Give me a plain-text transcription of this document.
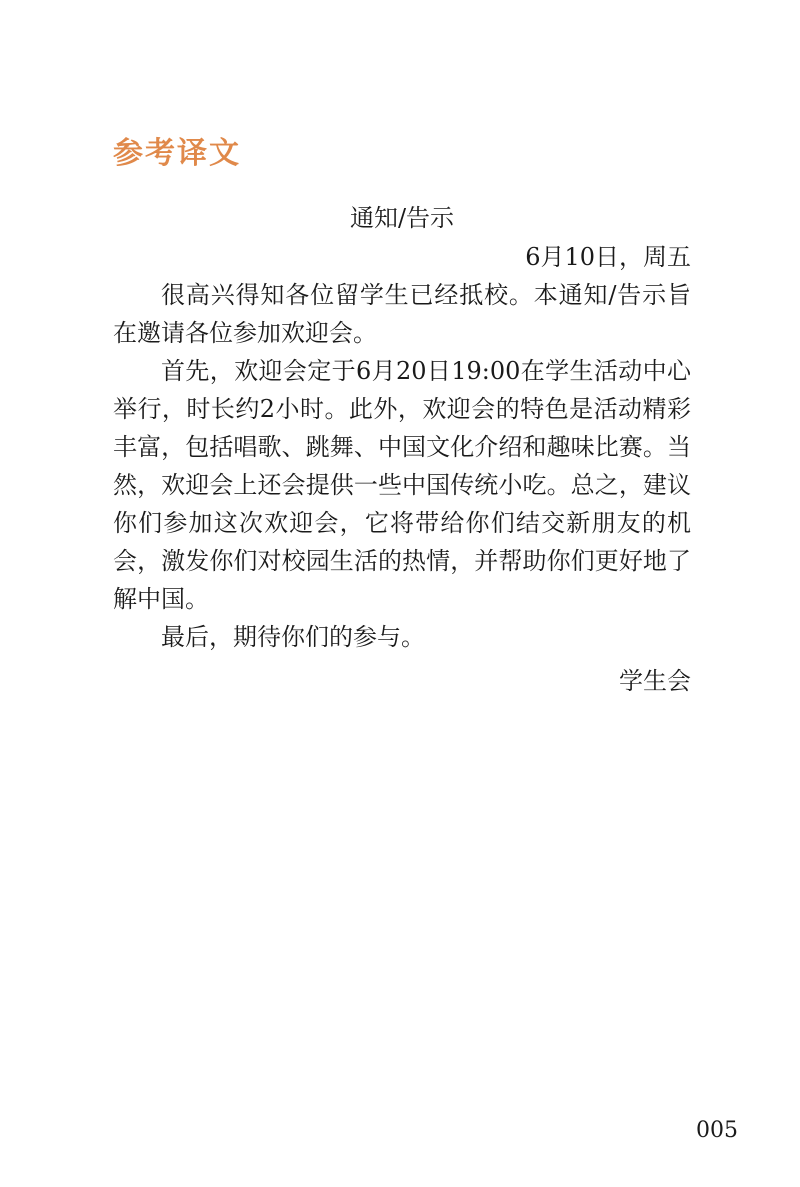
参考译文
通知/告示
6月10日，周五

很高兴得知各位留学生已经抵校。本通知/告示旨在邀请各位参加欢迎会。

首先，欢迎会定于6月20日19:00在学生活动中心举行，时长约2小时。此外，欢迎会的特色是活动精彩丰富，包括唱歌、跳舞、中国文化介绍和趣味比赛。当然，欢迎会上还会提供一些中国传统小吃。总之，建议你们参加这次欢迎会，它将带给你们结交新朋友的机会，激发你们对校园生活的热情，并帮助你们更好地了解中国。

最后，期待你们的参与。

学生会
005
